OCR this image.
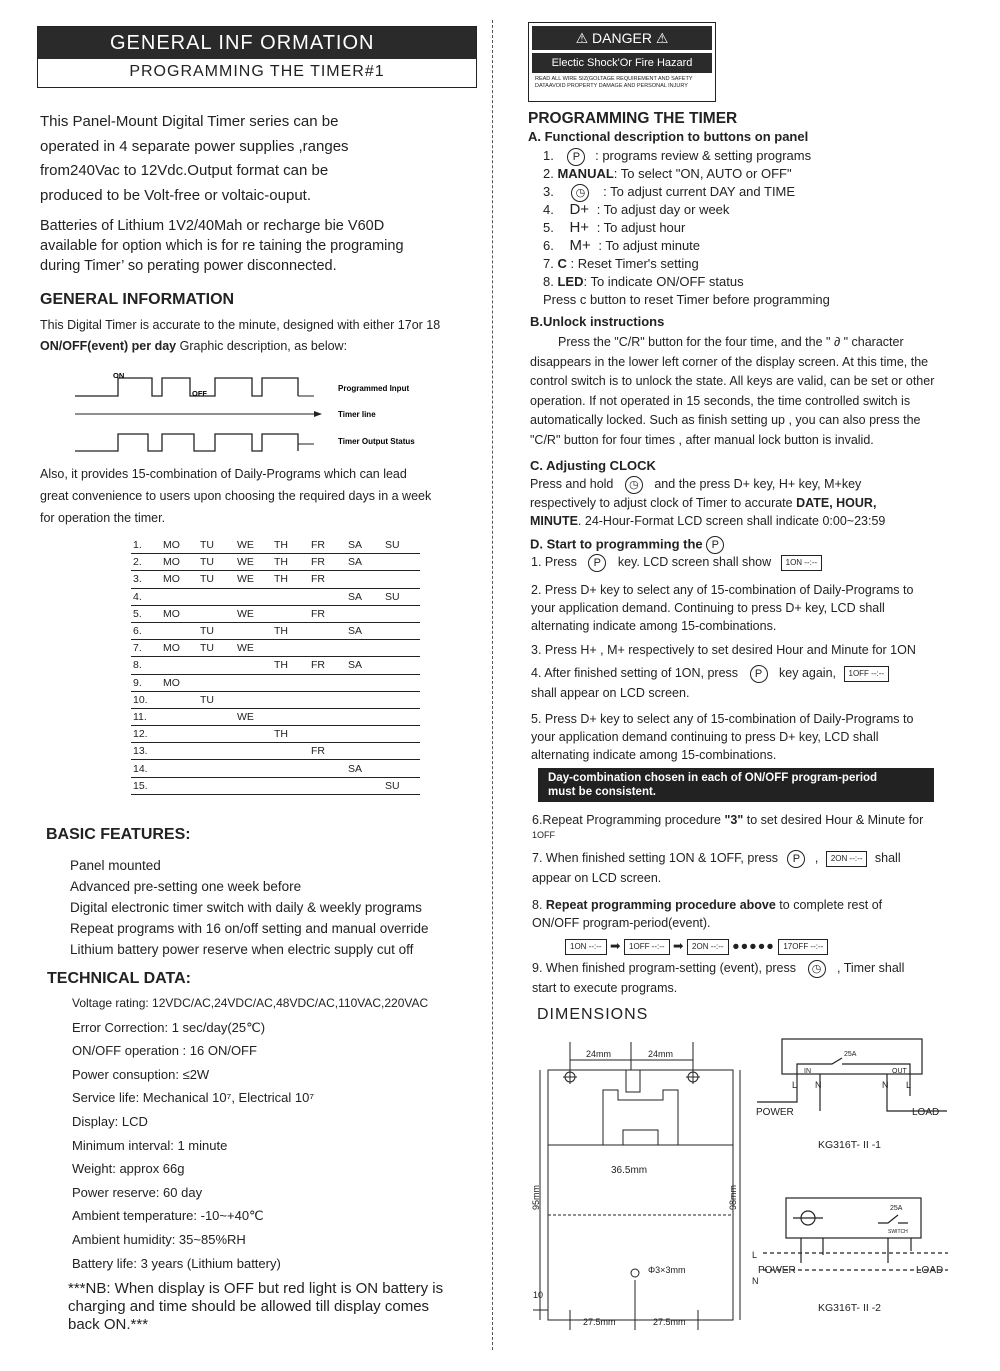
GENERAL INF ORMATION
PROGRAMMING THE TIMER#1
This Panel-Mount Digital Timer series can be
operated in 4 separate power supplies ,ranges
from240Vac to 12Vdc.Output format can be
produced to be Volt-free or voltaic-ouput.
Batteries of Lithium 1V2/40Mah or recharge bie V60D
available for option which is for re taining the programing
during Timer’ so perating power disconnected.
GENERAL INFORMATION
This Digital Timer is accurate to the minute, designed with either 17or 18
ON/OFF(event) per day Graphic description, as below:
ON
OFF
Programmed Input
Timer line
Timer Output Status
Also, it provides 15-combination of Daily-Programs which can lead
great convenience to users upon choosing the required days in a week
for operation the timer.
1.	MO	TU	WE	TH	FR	SA	SU
2.	MO	TU	WE	TH	FR	SA	
3.	MO	TU	WE	TH	FR		
4.						SA	SU
5.	MO		WE		FR		
6.		TU		TH		SA	
7.	MO	TU	WE				
8.				TH	FR	SA	
9.	MO						
10.		TU					
11.			WE				
12.				TH			
13.					FR		
14.						SA	
15.							SU
BASIC FEATURES:
Panel mounted
Advanced pre-setting one week before
Digital electronic timer switch with daily & weekly programs
Repeat programs with 16 on/off setting and manual override
Lithium battery power reserve when electric supply cut off
TECHNICAL DATA:
Voltage rating: 12VDC/AC,24VDC/AC,48VDC/AC,110VAC,220VAC
Error Correction: 1 sec/day(25℃)
ON/OFF operation : 16 ON/OFF
Power consuption: ≤2W
Service life: Mechanical 10⁷, Electrical 10⁷
Display: LCD
Minimum interval: 1 minute
Weight: approx 66g
Power reserve: 60 day
Ambient temperature: -10~+40℃
Ambient humidity: 35~85%RH
Battery life: 3 years (Lithium battery)
***NB: When display is OFF but red light is ON battery is
charging and time should be allowed till display comes
back ON.***
⚠ DANGER ⚠
Electic Shock'Or Fire Hazard
READ ALL WIRE SIZ(GOLTAGE REQUIREMENT AND SAFETY
DATAAVOID PROPERTY DAMAGE AND PERSONAL INJURY
PROGRAMMING THE TIMER
A. Functional description to buttons on panel
1. P : programs review & setting programs
2. MANUAL: To select "ON, AUTO or OFF"
3. ◷ : To adjust current DAY and TIME
4. D+ : To adjust day or week
5. H+ : To adjust hour
6. M+ : To adjust minute
7. C : Reset Timer's setting
8. LED: To indicate ON/OFF status
Press c button to reset Timer before programming
B.Unlock instructions
Press the "C/R" button for the four time, and the " ∂ " character
disappears in the lower left corner of the display screen. At this time, the
control switch is to unlock the state. All keys are valid, can be set or other
operation. If not operated in 15 seconds, the time controlled switch is
automatically locked. Such as finish setting up , you can also press the
"C/R" button for four times , after manual lock button is invalid.
C. Adjusting CLOCK
Press and hold ◷ and the press D+ key, H+ key, M+key
respectively to adjust clock of Timer to accurate DATE, HOUR,
MINUTE. 24-Hour-Format LCD screen shall indicate 0:00~23:59
D. Start to programming the P
1. Press P key. LCD screen shall show 1ON --:--
2. Press D+ key to select any of 15-combination of Daily-Programs to
your application demand. Continuing to press D+ key, LCD shall
alternating indicate among 15-combinations.
3. Press H+ , M+ respectively to set desired Hour and Minute for 1ON
4. After finished setting of 1ON, press P key again, 1OFF --:--
shall appear on LCD screen.
5. Press D+ key to select any of 15-combination of Daily-Programs to
your application demand continuing to press D+ key, LCD shall
alternating indicate among 15-combinations.
Day-combination chosen in each of ON/OFF program-period
must be consistent.
6.Repeat Programming procedure "3" to set desired Hour & Minute for
1OFF
7. When finished setting 1ON & 1OFF, press P , 2ON --:-- shall
appear on LCD screen.
8. Repeat programming procedure above to complete rest of
ON/OFF program-period(event).
1ON --:-- ➡ 1OFF --:-- ➡ 2ON --:-- ●●●●● 17OFF --:--
9. When finished program-setting (event), press ◷ , Timer shall
start to execute programs.
DIMENSIONS
24mm	24mm
36.5mm
95mm	98mm
Φ3×3mm
10
27.5mm	27.5mm
25A
IN	OUT
L N	N L
POWER	LOAD
KG316T- II -1
25A
SWITCH
L
POWER
N
LOAD
KG316T- II -2
